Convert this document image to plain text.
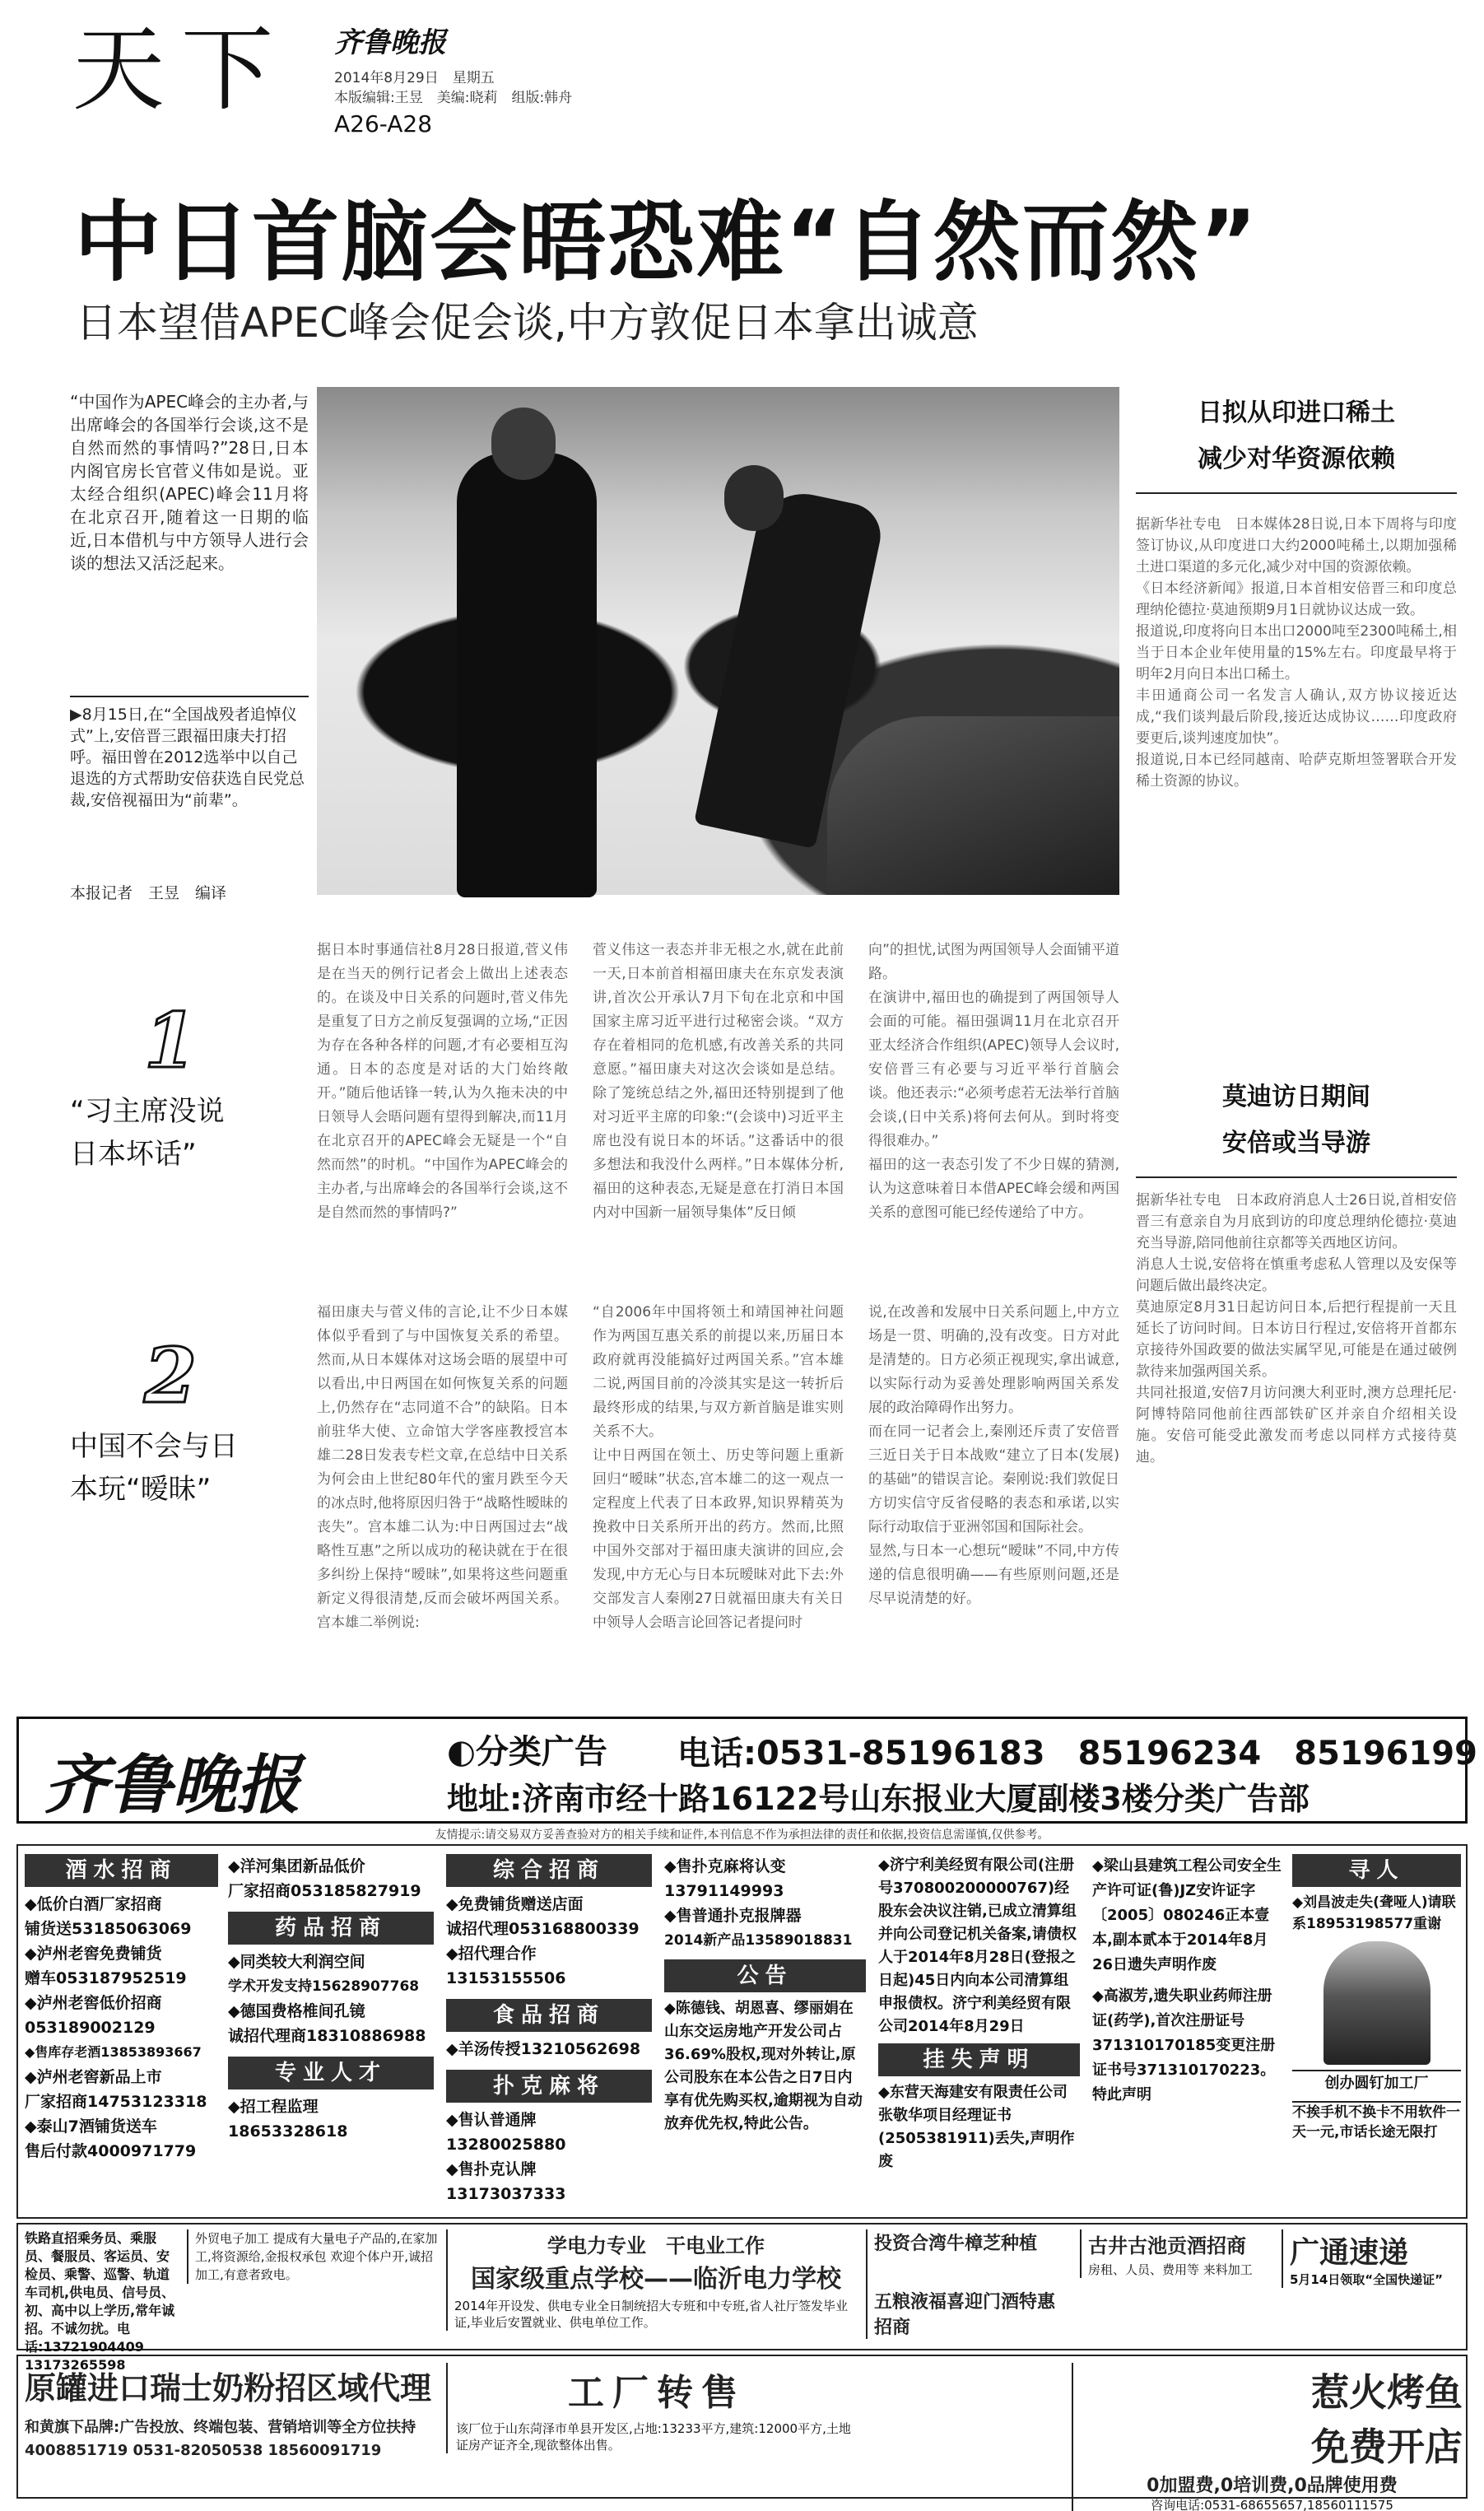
天下 齐鲁晚报
2014年8月29日　星期五
本版编辑:王昱　美编:晓莉　组版:韩舟
A26-A28
中日首脑会晤恐难“自然而然”
日本望借APEC峰会促会谈,中方敦促日本拿出诚意
“中国作为APEC峰会的主办者,与出席峰会的各国举行会谈,这不是自然而然的事情吗?”28日,日本内阁官房长官菅义伟如是说。亚太经合组织(APEC)峰会11月将在北京召开,随着这一日期的临近,日本借机与中方领导人进行会谈的想法又活泛起来。
▶8月15日,在“全国战殁者追悼仪式”上,安倍晋三跟福田康夫打招呼。福田曾在2012选举中以自己退选的方式帮助安倍获选自民党总裁,安倍视福田为“前辈”。
本报记者　王昱　编译
日拟从印进口稀土
减少对华资源依赖
据新华社专电　日本媒体28日说,日本下周将与印度签订协议,从印度进口大约2000吨稀土,以期加强稀土进口渠道的多元化,减少对中国的资源依赖。
《日本经济新闻》报道,日本首相安倍晋三和印度总理纳伦德拉·莫迪预期9月1日就协议达成一致。
报道说,印度将向日本出口2000吨至2300吨稀土,相当于日本企业年使用量的15%左右。印度最早将于明年2月向日本出口稀土。
丰田通商公司一名发言人确认,双方协议接近达成,“我们谈判最后阶段,接近达成协议……印度政府要更后,谈判速度加快”。
报道说,日本已经同越南、哈萨克斯坦签署联合开发稀土资源的协议。
莫迪访日期间
安倍或当导游
据新华社专电　日本政府消息人士26日说,首相安倍晋三有意亲自为月底到访的印度总理纳伦德拉·莫迪充当导游,陪同他前往京都等关西地区访问。
消息人士说,安倍将在慎重考虑私人管理以及安保等问题后做出最终决定。
莫迪原定8月31日起访问日本,后把行程提前一天且延长了访问时间。日本访日行程过,安倍将开首都东京接待外国政要的做法实属罕见,可能是在通过破例款待来加强两国关系。
共同社报道,安倍7月访问澳大利亚时,澳方总理托尼·阿博特陪同他前往西部铁矿区并亲自介绍相关设施。安倍可能受此激发而考虑以同样方式接待莫迪。
1
“习主席没说日本坏话”
据日本时事通信社8月28日报道,菅义伟是在当天的例行记者会上做出上述表态的。在谈及中日关系的问题时,菅义伟先是重复了日方之前反复强调的立场,“正因为存在各种各样的问题,才有必要相互沟通。日本的态度是对话的大门始终敞开。”随后他话锋一转,认为久拖未决的中日领导人会晤问题有望得到解决,而11月在北京召开的APEC峰会无疑是一个“自然而然”的时机。“中国作为APEC峰会的主办者,与出席峰会的各国举行会谈,这不是自然而然的事情吗?”
菅义伟这一表态并非无根之水,就在此前一天,日本前首相福田康夫在东京发表演讲,首次公开承认7月下旬在北京和中国国家主席习近平进行过秘密会谈。“双方存在着相同的危机感,有改善关系的共同意愿。”福田康夫对这次会谈如是总结。除了笼统总结之外,福田还特别提到了他对习近平主席的印象:“(会谈中)习近平主席也没有说日本的坏话。”这番话中的很多想法和我没什么两样。”日本媒体分析,福田的这种表态,无疑是意在打消日本国内对中国新一届领导集体”反日倾
向”的担忧,试图为两国领导人会面铺平道路。
在演讲中,福田也的确提到了两国领导人会面的可能。福田强调11月在北京召开亚太经济合作组织(APEC)领导人会议时,安倍晋三有必要与习近平举行首脑会谈。他还表示:“必须考虑若无法举行首脑会谈,(日中关系)将何去何从。到时将变得很难办。”
福田的这一表态引发了不少日媒的猜测,认为这意味着日本借APEC峰会缓和两国关系的意图可能已经传递给了中方。
2
中国不会与日本玩“暧昧”
福田康夫与菅义伟的言论,让不少日本媒体似乎看到了与中国恢复关系的希望。然而,从日本媒体对这场会晤的展望中可以看出,中日两国在如何恢复关系的问题上,仍然存在“志同道不合”的缺陷。日本前驻华大使、立命馆大学客座教授宫本雄二28日发表专栏文章,在总结中日关系为何会由上世纪80年代的蜜月跌至今天的冰点时,他将原因归咎于“战略性暧昧的丧失”。宫本雄二认为:中日两国过去“战略性互惠”之所以成功的秘诀就在于在很多纠纷上保持“暧昧”,如果将这些问题重新定义得很清楚,反而会破坏两国关系。宫本雄二举例说:
“自2006年中国将领土和靖国神社问题作为两国互惠关系的前提以来,历届日本政府就再没能搞好过两国关系。”宫本雄二说,两国目前的冷淡其实是这一转折后最终形成的结果,与双方新首脑是谁实则关系不大。
让中日两国在领土、历史等问题上重新回归“暧昧”状态,宫本雄二的这一观点一定程度上代表了日本政界,知识界精英为挽救中日关系所开出的药方。然而,比照中国外交部对于福田康夫演讲的回应,会发现,中方无心与日本玩暧昧对此下去:外交部发言人秦刚27日就福田康夫有关日中领导人会晤言论回答记者提问时
说,在改善和发展中日关系问题上,中方立场是一贯、明确的,没有改变。日方对此是清楚的。日方必须正视现实,拿出诚意,以实际行动为妥善处理影响两国关系发展的政治障碍作出努力。
而在同一记者会上,秦刚还斥责了安倍晋三近日关于日本战败“建立了日本(发展)的基础”的错误言论。秦刚说:我们敦促日方切实信守反省侵略的表态和承诺,以实际行动取信于亚洲邻国和国际社会。
显然,与日本一心想玩“暧昧”不同,中方传递的信息很明确——有些原则问题,还是尽早说清楚的好。
齐鲁晚报	◐分类广告 电话:0531-85196183　85196234　85196199
地址:济南市经十路16122号山东报业大厦副楼3楼分类广告部
友情提示:请交易双方妥善查验对方的相关手续和证件,本刊信息不作为承担法律的责任和依据,投资信息需谨慎,仅供参考。
酒水招商
◆低价白酒厂家招商
铺货送53185063069
◆泸州老窖免费铺货
赠车053187952519
◆泸州老窖低价招商
053189002129
◆售库存老酒13853893667
◆泸州老窖新品上市
厂家招商14753123318
◆泰山7酒铺货送车
售后付款4000971779
◆洋河集团新品低价
厂家招商053185827919
药品招商
◆同类较大利润空间
学术开发支持15628907768
◆德国费格椎间孔镜
诚招代理商18310886988
专业人才
◆招工程监理
18653328618
综合招商
◆免费铺货赠送店面
诚招代理053168800339
◆招代理合作13153155506
食品招商
◆羊汤传授13210562698
扑克麻将
◆售认普通牌
13280025880
◆售扑克认牌
13173037333
◆售扑克麻将认变
13791149993
◆售普通扑克报牌器
2014新产品13589018831
公告
◆陈德钱、胡恩喜、缪丽娟在山东交运房地产开发公司占36.69%股权,现对外转让,原公司股东在本公告之日7日内享有优先购买权,逾期视为自动放弃优先权,特此公告。
◆济宁利美经贸有限公司(注册号370800200000767)经股东会决议注销,已成立清算组并向公司登记机关备案,请债权人于2014年8月28日(登报之日起)45日内向本公司清算组申报债权。济宁利美经贸有限公司2014年8月29日
挂失声明
◆东营天海建安有限责任公司张敬华项目经理证书(2505381911)丢失,声明作废
◆梁山县建筑工程公司安全生产许可证(鲁)JZ安许证字〔2005〕080246正本壹本,副本贰本于2014年8月26日遗失声明作废
◆高淑芳,遗失职业药师注册证(药学),首次注册证号3713101701​85变更注册证书号371310170223。特此声明
寻人
◆刘昌波走失(聋哑人)请联系18953198577重谢
创办圆钉加工厂
不挨手机不换卡不用软件一天一元,市话长途无限打
铁路直招乘务员、乘服员、餐服员、客运员、安检员、乘警、巡警、轨道车司机,供电员、信号员、初、高中以上学历,常年诚招。不诚勿扰。电话:13721904409 13173265598
外贸电子加工 提成有大量电子产品的,在家加工,将资源给,金报权承包 欢迎个体户开,诚招加工,有意者致电。
学电力专业　干电业工作
国家级重点学校——临沂电力学校
2014年开设发、供电专业全日制统招大专班和中专班,省人社厅签发毕业证,毕业后安置就业、供电单位工作。
投资合湾牛樟芝种植
五粮液福喜迎门酒特惠招商
古井古池贡酒招商
房租、人员、费用等 来料加工	广通速递
5月14日领取“全国快递证”
原罐进口瑞士奶粉招区域代理
和黄旗下品牌:广告投放、终端包装、营销培训等全方位扶持4008851719 0531-82050538 18560091719
工厂转售
该厂位于山东菏泽市单县开发区,占地:13233平方,建筑:12000平方,土地证房产证齐全,现欲整体出售。
惹火烤鱼
免费开店
0加盟费,0培训费,0品牌使用费
咨询电话:0531-68655657,18560111575
